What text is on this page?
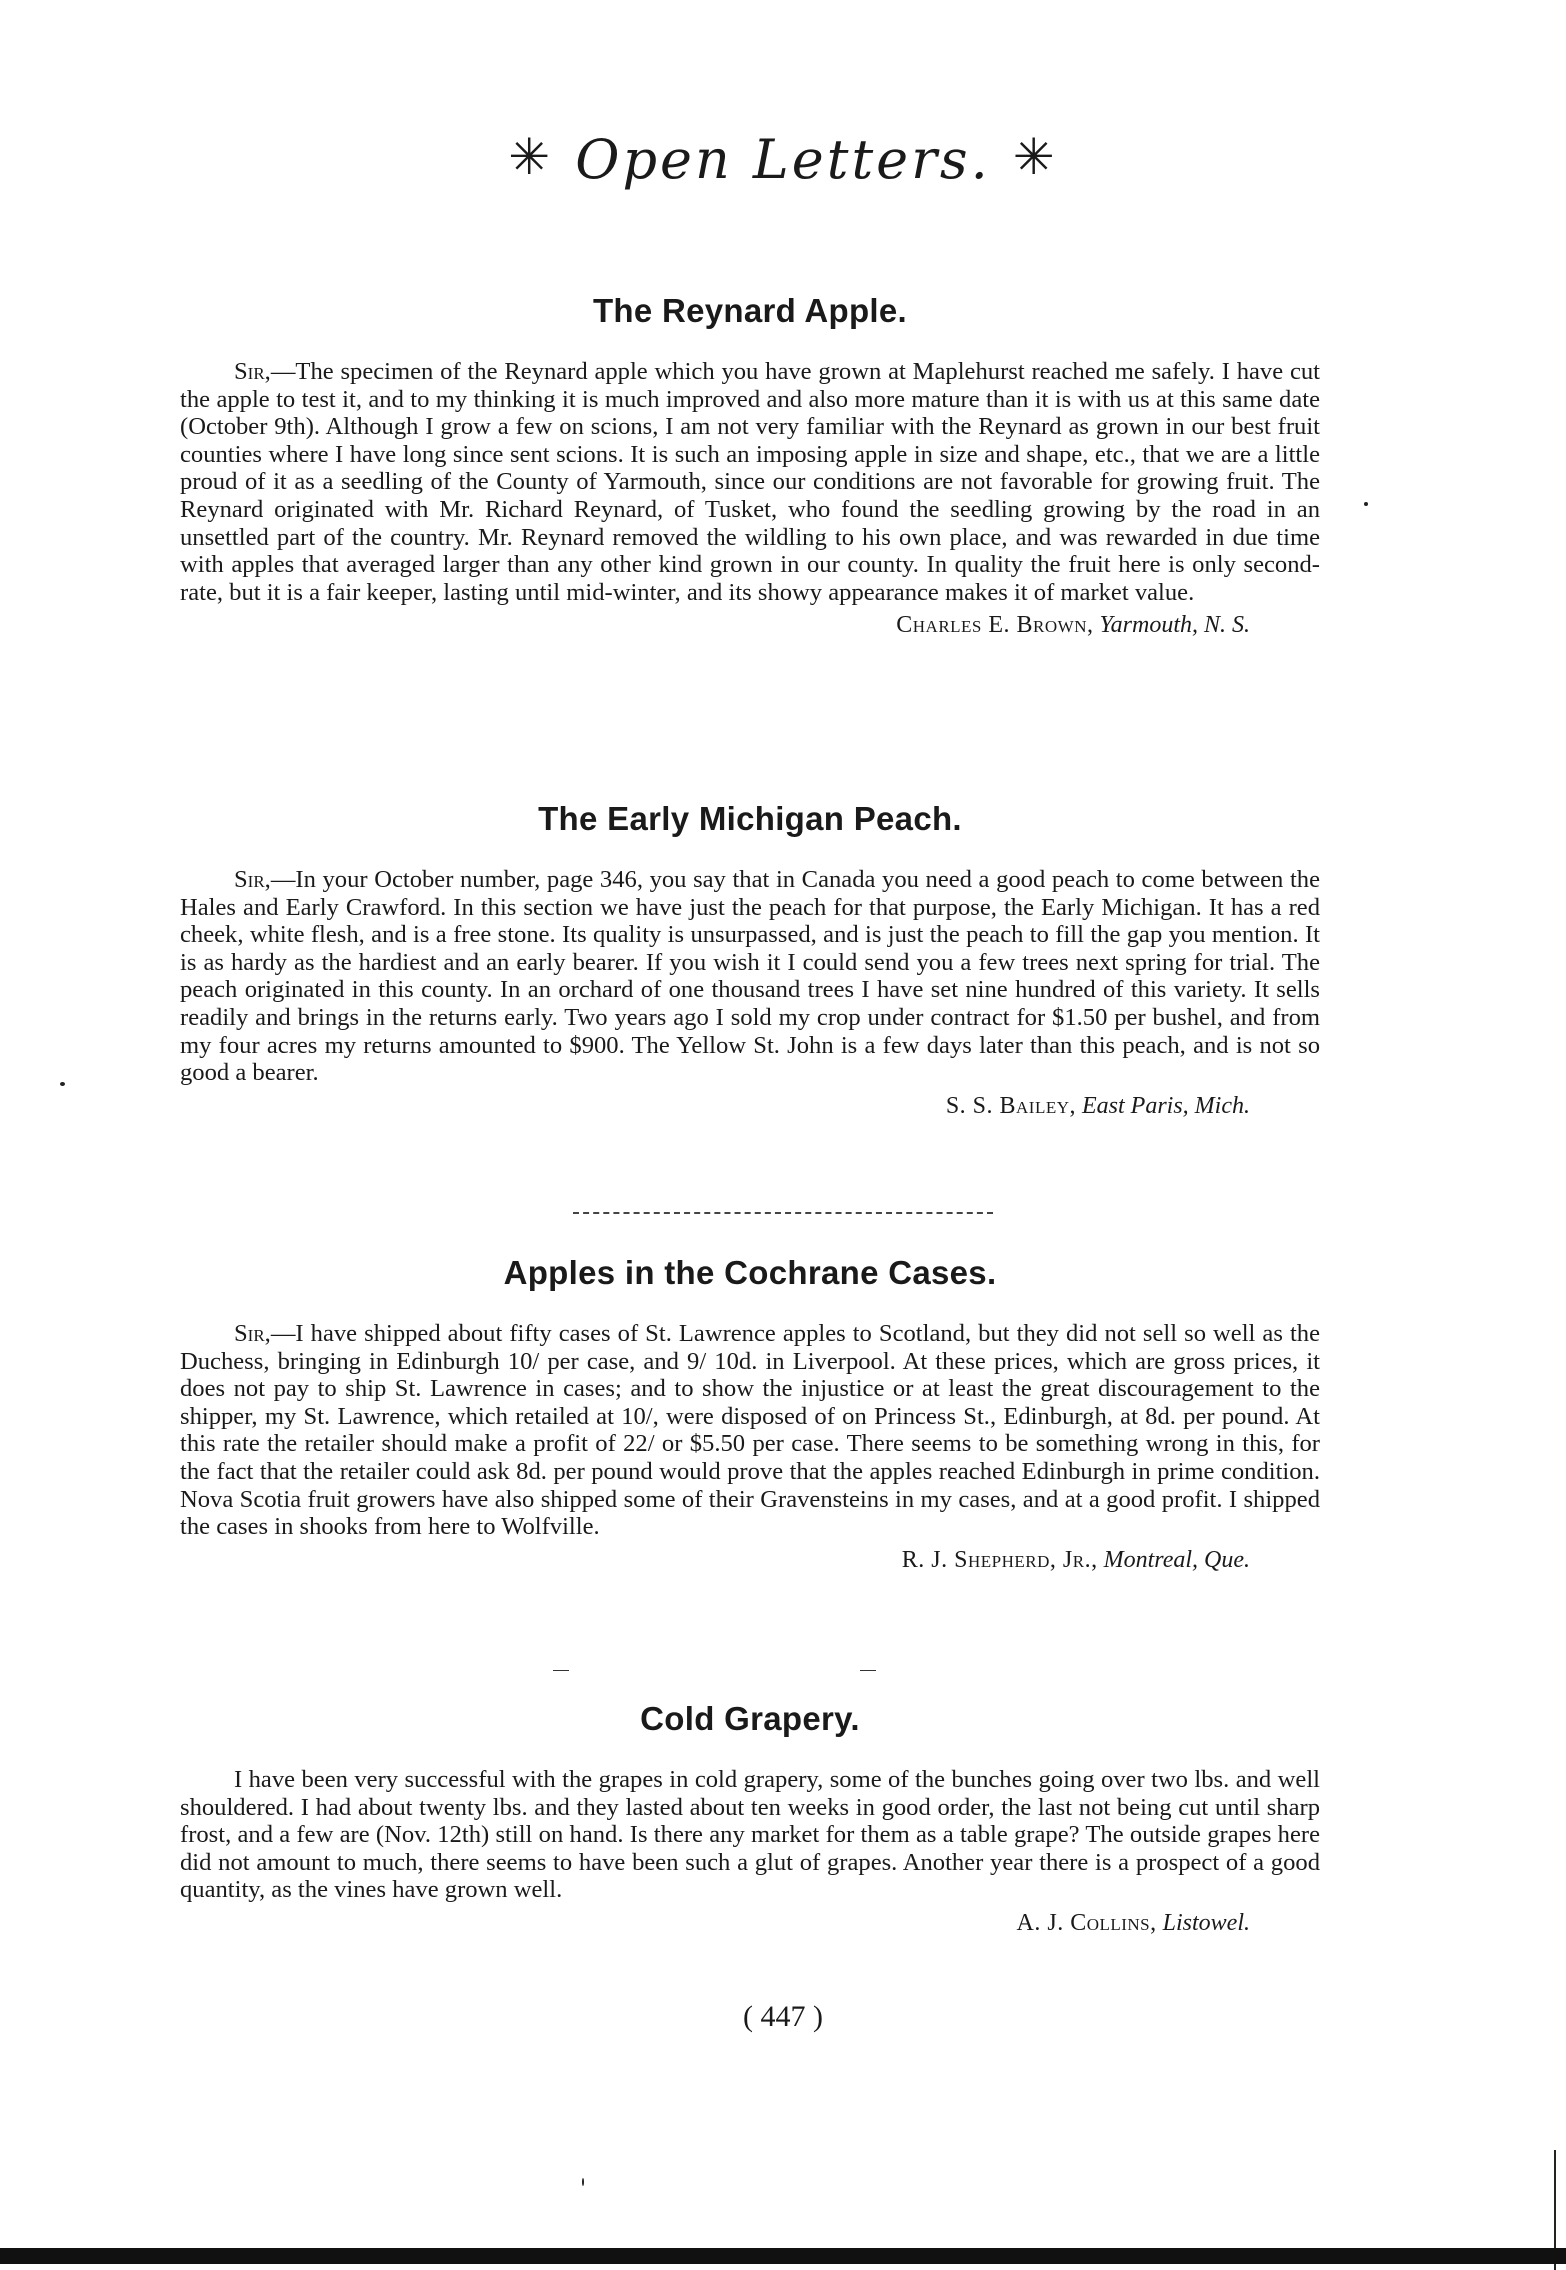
✳ Open Letters. ✳
The Reynard Apple.

Sir,—The specimen of the Reynard apple which you have grown at Maplehurst reached me safely. I have cut the apple to test it, and to my thinking it is much improved and also more mature than it is with us at this same date (October 9th). Although I grow a few on scions, I am not very familiar with the Reynard as grown in our best fruit counties where I have long since sent scions. It is such an imposing apple in size and shape, etc., that we are a little proud of it as a seedling of the County of Yarmouth, since our conditions are not favorable for growing fruit. The Reynard originated with Mr. Richard Reynard, of Tusket, who found the seedling growing by the road in an unsettled part of the country. Mr. Reynard removed the wildling to his own place, and was rewarded in due time with apples that averaged larger than any other kind grown in our county. In quality the fruit here is only second-rate, but it is a fair keeper, lasting until mid-winter, and its showy appearance makes it of market value.

Charles E. Brown, Yarmouth, N. S.
The Early Michigan Peach.

Sir,—In your October number, page 346, you say that in Canada you need a good peach to come between the Hales and Early Crawford. In this section we have just the peach for that purpose, the Early Michigan. It has a red cheek, white flesh, and is a free stone. Its quality is unsurpassed, and is just the peach to fill the gap you mention. It is as hardy as the hardiest and an early bearer. If you wish it I could send you a few trees next spring for trial. The peach originated in this county. In an orchard of one thousand trees I have set nine hundred of this variety. It sells readily and brings in the returns early. Two years ago I sold my crop under contract for $1.50 per bushel, and from my four acres my returns amounted to $900. The Yellow St. John is a few days later than this peach, and is not so good a bearer.

S. S. Bailey, East Paris, Mich.
Apples in the Cochrane Cases.

Sir,—I have shipped about fifty cases of St. Lawrence apples to Scotland, but they did not sell so well as the Duchess, bringing in Edinburgh 10/ per case, and 9/ 10d. in Liverpool. At these prices, which are gross prices, it does not pay to ship St. Lawrence in cases; and to show the injustice or at least the great discouragement to the shipper, my St. Lawrence, which retailed at 10/, were disposed of on Princess St., Edinburgh, at 8d. per pound. At this rate the retailer should make a profit of 22/ or $5.50 per case. There seems to be something wrong in this, for the fact that the retailer could ask 8d. per pound would prove that the apples reached Edinburgh in prime condition. Nova Scotia fruit growers have also shipped some of their Gravensteins in my cases, and at a good profit. I shipped the cases in shooks from here to Wolfville.

R. J. Shepherd, Jr., Montreal, Que.
Cold Grapery.

I have been very successful with the grapes in cold grapery, some of the bunches going over two lbs. and well shouldered. I had about twenty lbs. and they lasted about ten weeks in good order, the last not being cut until sharp frost, and a few are (Nov. 12th) still on hand. Is there any market for them as a table grape? The outside grapes here did not amount to much, there seems to have been such a glut of grapes. Another year there is a prospect of a good quantity, as the vines have grown well.

A. J. Collins, Listowel.
( 447 )
